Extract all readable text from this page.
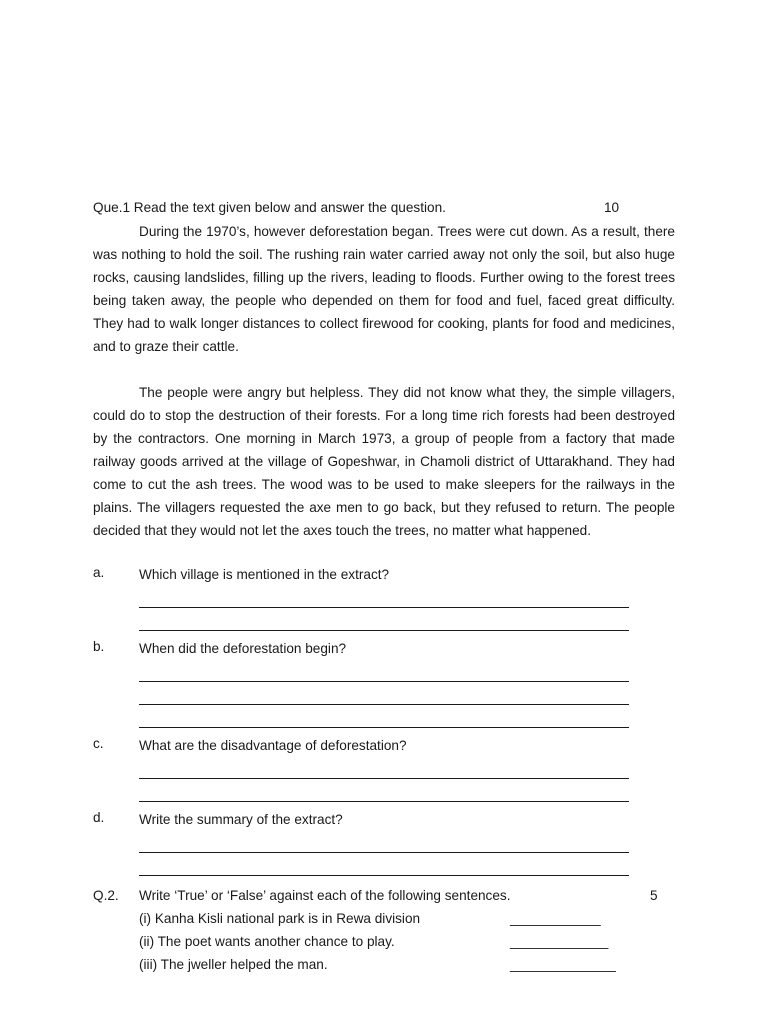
Que.1 Read the text given below and answer the question.	10

During the 1970’s, however deforestation began. Trees were cut down. As a result, there was nothing to hold the soil. The rushing rain water carried away not only the soil, but also huge rocks, causing landslides, filling up the rivers, leading to floods. Further owing to the forest trees being taken away, the people who depended on them for food and fuel, faced great difficulty. They had to walk longer distances to collect firewood for cooking, plants for food and medicines, and to graze their cattle.

The people were angry but helpless. They did not know what they, the simple villagers, could do to stop the destruction of their forests. For a long time rich forests had been destroyed by the contractors. One morning in March 1973, a group of people from a factory that made railway goods arrived at the village of Gopeshwar, in Chamoli district of Uttarakhand. They had come to cut the ash trees. The wood was to be used to make sleepers for the railways in the plains. The villagers requested the axe men to go back, but they refused to return. The people decided that they would not let the axes touch the trees, no matter what happened.

a.	Which village is mentioned in the extract?
b.	When did the deforestation begin?
c.	What are the disadvantage of deforestation?
d.	Write the summary of the extract?
Q.2. Write ‘True’ or ‘False’ against each of the following sentences.	5
(i) Kanha Kisli national park is in Rewa division	____________
(ii) The poet wants another chance to play.	_____________
(iii) The jweller helped the man.	______________
